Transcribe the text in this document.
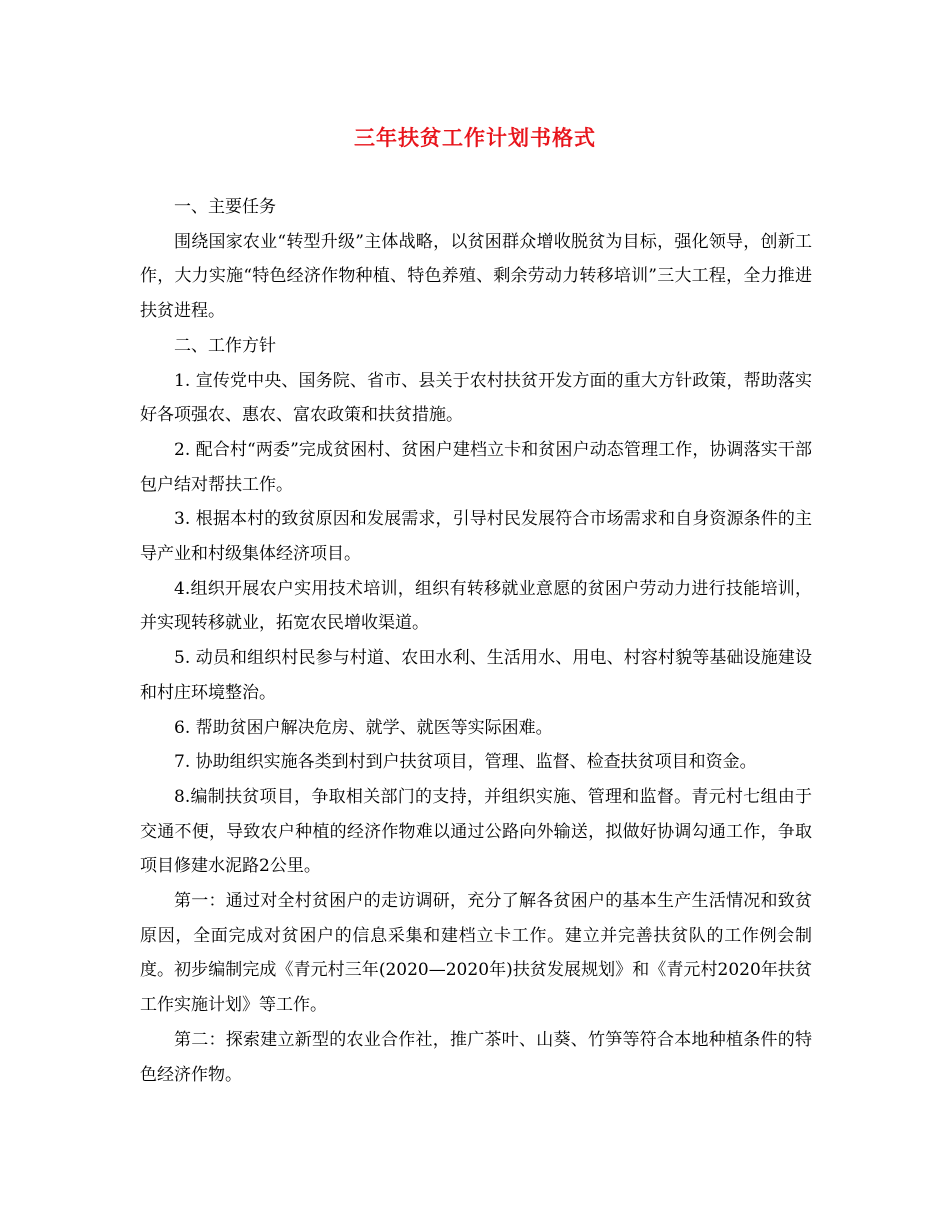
三年扶贫工作计划书格式

一、主要任务

围绕国家农业“转型升级”主体战略，以贫困群众增收脱贫为目标，强化领导，创新工作，大力实施“特色经济作物种植、特色养殖、剩余劳动力转移培训”三大工程，全力推进扶贫进程。

二、工作方针

1. 宣传党中央、国务院、省市、县关于农村扶贫开发方面的重大方针政策，帮助落实好各项强农、惠农、富农政策和扶贫措施。

2. 配合村“两委”完成贫困村、贫困户建档立卡和贫困户动态管理工作，协调落实干部包户结对帮扶工作。

3. 根据本村的致贫原因和发展需求，引导村民发展符合市场需求和自身资源条件的主导产业和村级集体经济项目。

4.组织开展农户实用技术培训，组织有转移就业意愿的贫困户劳动力进行技能培训，并实现转移就业，拓宽农民增收渠道。

5. 动员和组织村民参与村道、农田水利、生活用水、用电、村容村貌等基础设施建设和村庄环境整治。

6. 帮助贫困户解决危房、就学、就医等实际困难。

7. 协助组织实施各类到村到户扶贫项目，管理、监督、检查扶贫项目和资金。

8.编制扶贫项目，争取相关部门的支持，并组织实施、管理和监督。青元村七组由于交通不便，导致农户种植的经济作物难以通过公路向外输送，拟做好协调勾通工作，争取项目修建水泥路2公里。

第一：通过对全村贫困户的走访调研，充分了解各贫困户的基本生产生活情况和致贫原因，全面完成对贫困户的信息采集和建档立卡工作。建立并完善扶贫队的工作例会制度。初步编制完成《青元村三年(2020—2020年)扶贫发展规划》和《青元村2020年扶贫工作实施计划》等工作。

第二：探索建立新型的农业合作社，推广茶叶、山葵、竹笋等符合本地种植条件的特色经济作物。
